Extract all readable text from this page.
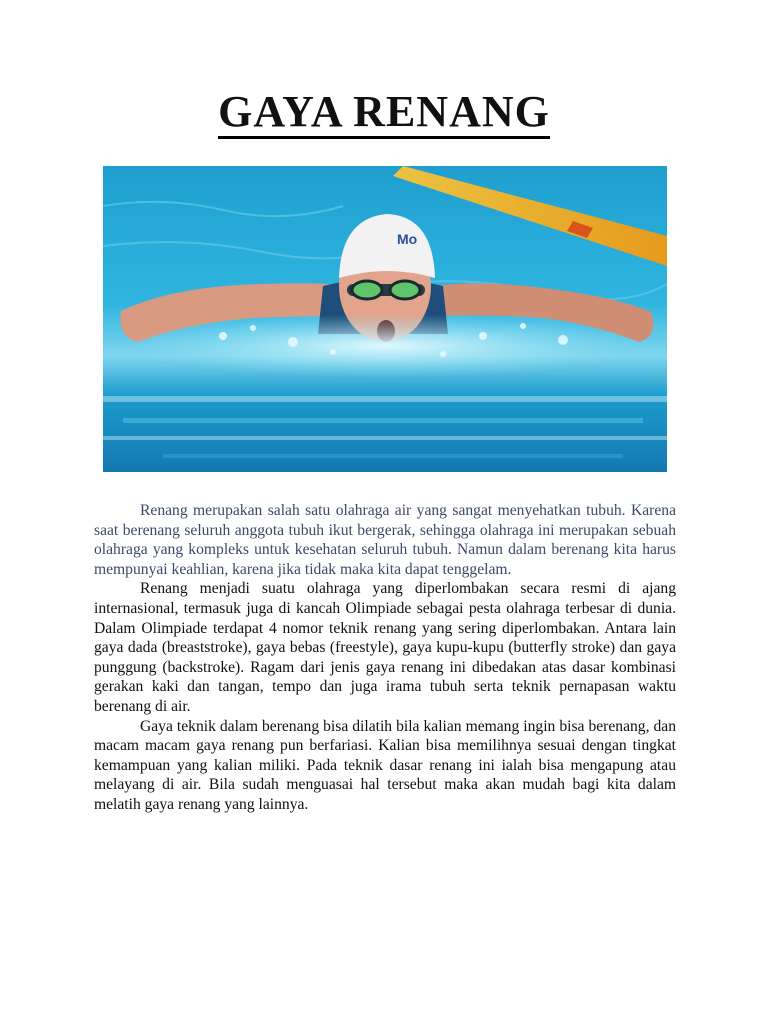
GAYA RENANG
Mo

Renang merupakan salah satu olahraga air yang sangat menyehatkan tubuh. Karena saat berenang seluruh anggota tubuh ikut bergerak, sehingga olahraga ini merupakan sebuah olahraga yang kompleks untuk kesehatan seluruh tubuh. Namun dalam berenang kita harus mempunyai keahlian, karena jika tidak maka kita dapat tenggelam.

Renang menjadi suatu olahraga yang diperlombakan secara resmi di ajang internasional, termasuk juga di kancah Olimpiade sebagai pesta olahraga terbesar di dunia. Dalam Olimpiade terdapat 4 nomor teknik renang yang sering diperlombakan. Antara lain gaya dada (breaststroke), gaya bebas (freestyle), gaya kupu-kupu (butterfly stroke) dan gaya punggung (backstroke). Ragam dari jenis gaya renang ini dibedakan atas dasar kombinasi gerakan kaki dan tangan, tempo dan juga irama tubuh serta teknik pernapasan waktu berenang di air.

Gaya teknik dalam berenang bisa dilatih bila kalian memang ingin bisa berenang, dan macam macam gaya renang pun berfariasi. Kalian bisa memilihnya sesuai dengan tingkat kemampuan yang kalian miliki. Pada teknik dasar renang ini ialah bisa mengapung atau melayang di air. Bila sudah menguasai hal tersebut maka akan mudah bagi kita dalam melatih gaya renang yang lainnya.
